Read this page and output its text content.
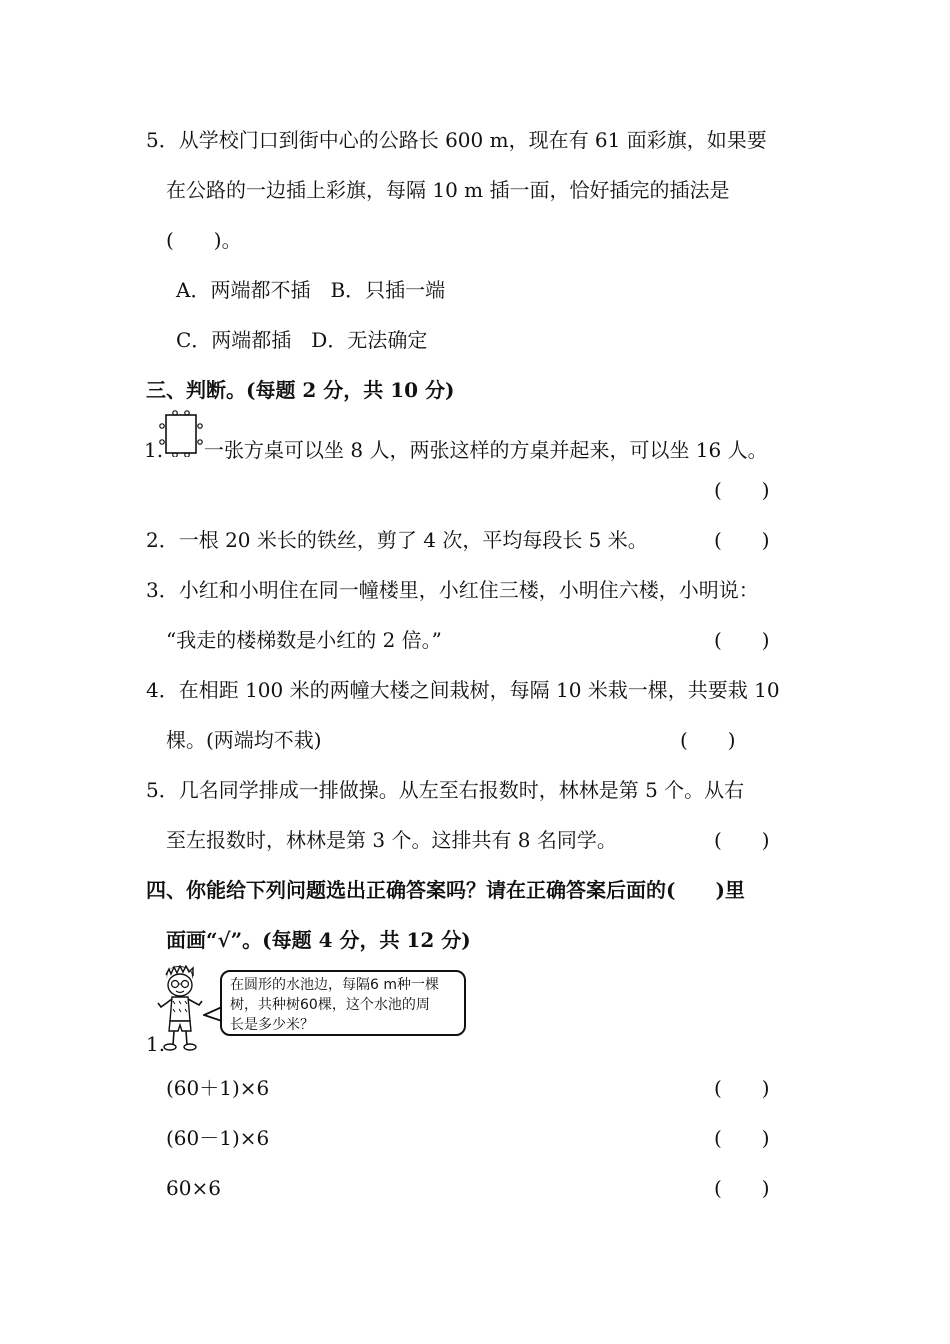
5．从学校门口到街中心的公路长 600 m，现在有 61 面彩旗，如果要
在公路的一边插上彩旗，每隔 10 m 插一面，恰好插完的插法是
(　　)。
A．两端都不插　B．只插一端
C．两端都插　D．无法确定
三、判断。(每题 2 分，共 10 分)
1. 一张方桌可以坐 8 人，两张这样的方桌并起来，可以坐 16 人。
(　　)
2．一根 20 米长的铁丝，剪了 4 次，平均每段长 5 米。	(　　)
3．小红和小明住在同一幢楼里，小红住三楼，小明住六楼，小明说：
“我走的楼梯数是小红的 2 倍。”	(　　)
4．在相距 100 米的两幢大楼之间栽树，每隔 10 米栽一棵，共要栽 10
棵。(两端均不栽)	(　　)
5．几名同学排成一排做操。从左至右报数时，林林是第 5 个。从右
至左报数时，林林是第 3 个。这排共有 8 名同学。	(　　)
四、你能给下列问题选出正确答案吗？请在正确答案后面的(　　)里
面画“√”。(每题 4 分，共 12 分)
在圆形的水池边，每隔6 m种一棵
树，共种树60棵，这个水池的周
长是多少米？
1.
(60＋1)×6	(　　)
(60－1)×6	(　　)
60×6	(　　)
